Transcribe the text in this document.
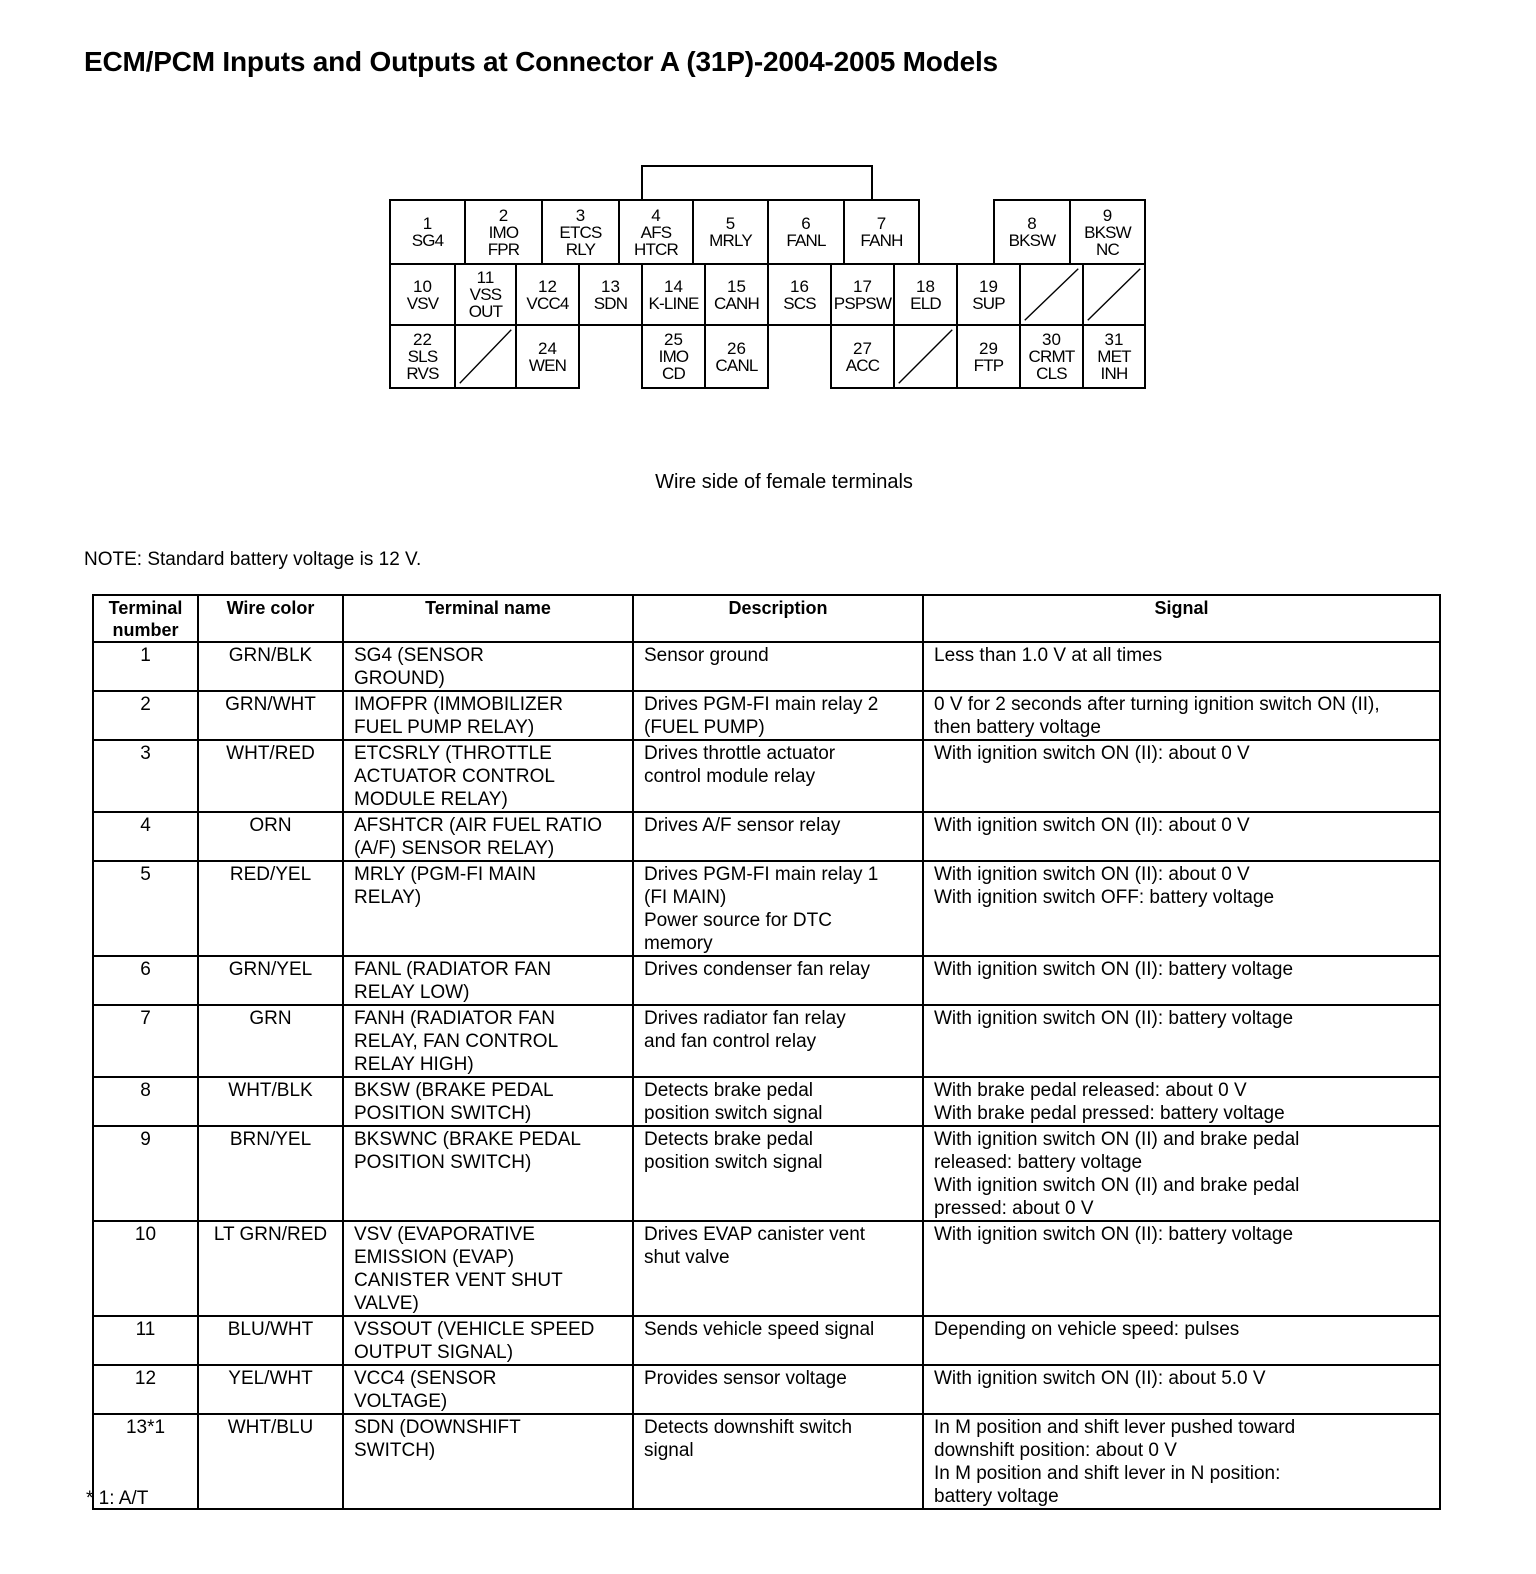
ECM/PCM Inputs and Outputs at Connector A (31P)-2004-2005 Models
1
SG4
2
IMO
FPR
3
ETCS
RLY
4
AFS
HTCR
5
MRLY
6
FANL
7
FANH
8
BKSW
9
BKSW
NC
10
VSV
11
VSS
OUT
12
VCC4
13
SDN
14
K-LINE
15
CANH
16
SCS
17
PSPSW
18
ELD
19
SUP
22
SLS
RVS
24
WEN
25
IMO
CD
26
CANL
27
ACC
29
FTP
30
CRMT
CLS
31
MET
INH
Wire side of female terminals
NOTE: Standard battery voltage is 12 V.
Terminal
number	Wire color	Terminal name	Description	Signal
1	GRN/BLK	SG4 (SENSOR
GROUND)	Sensor ground	Less than 1.0 V at all times
2	GRN/WHT	IMOFPR (IMMOBILIZER
FUEL PUMP RELAY)	Drives PGM-FI main relay 2
(FUEL PUMP)	0 V for 2 seconds after turning ignition switch ON (II),
then battery voltage
3	WHT/RED	ETCSRLY (THROTTLE
ACTUATOR CONTROL
MODULE RELAY)	Drives throttle actuator
control module relay	With ignition switch ON (II): about 0 V
4	ORN	AFSHTCR (AIR FUEL RATIO
(A/F) SENSOR RELAY)	Drives A/F sensor relay	With ignition switch ON (II): about 0 V
5	RED/YEL	MRLY (PGM-FI MAIN
RELAY)	Drives PGM-FI main relay 1
(FI MAIN)
Power source for DTC
memory	With ignition switch ON (II): about 0 V
With ignition switch OFF: battery voltage
6	GRN/YEL	FANL (RADIATOR FAN
RELAY LOW)	Drives condenser fan relay	With ignition switch ON (II): battery voltage
7	GRN	FANH (RADIATOR FAN
RELAY, FAN CONTROL
RELAY HIGH)	Drives radiator fan relay
and fan control relay	With ignition switch ON (II): battery voltage
8	WHT/BLK	BKSW (BRAKE PEDAL
POSITION SWITCH)	Detects brake pedal
position switch signal	With brake pedal released: about 0 V
With brake pedal pressed: battery voltage
9	BRN/YEL	BKSWNC (BRAKE PEDAL
POSITION SWITCH)	Detects brake pedal
position switch signal	With ignition switch ON (II) and brake pedal
released: battery voltage
With ignition switch ON (II) and brake pedal
pressed: about 0 V
10	LT GRN/RED	VSV (EVAPORATIVE
EMISSION (EVAP)
CANISTER VENT SHUT
VALVE)	Drives EVAP canister vent
shut valve	With ignition switch ON (II): battery voltage
11	BLU/WHT	VSSOUT (VEHICLE SPEED
OUTPUT SIGNAL)	Sends vehicle speed signal	Depending on vehicle speed: pulses
12	YEL/WHT	VCC4 (SENSOR
VOLTAGE)	Provides sensor voltage	With ignition switch ON (II): about 5.0 V
13*1	WHT/BLU	SDN (DOWNSHIFT
SWITCH)	Detects downshift switch
signal	In M position and shift lever pushed toward
downshift position: about 0 V
In M position and shift lever in N position:
battery voltage
* 1: A/T
